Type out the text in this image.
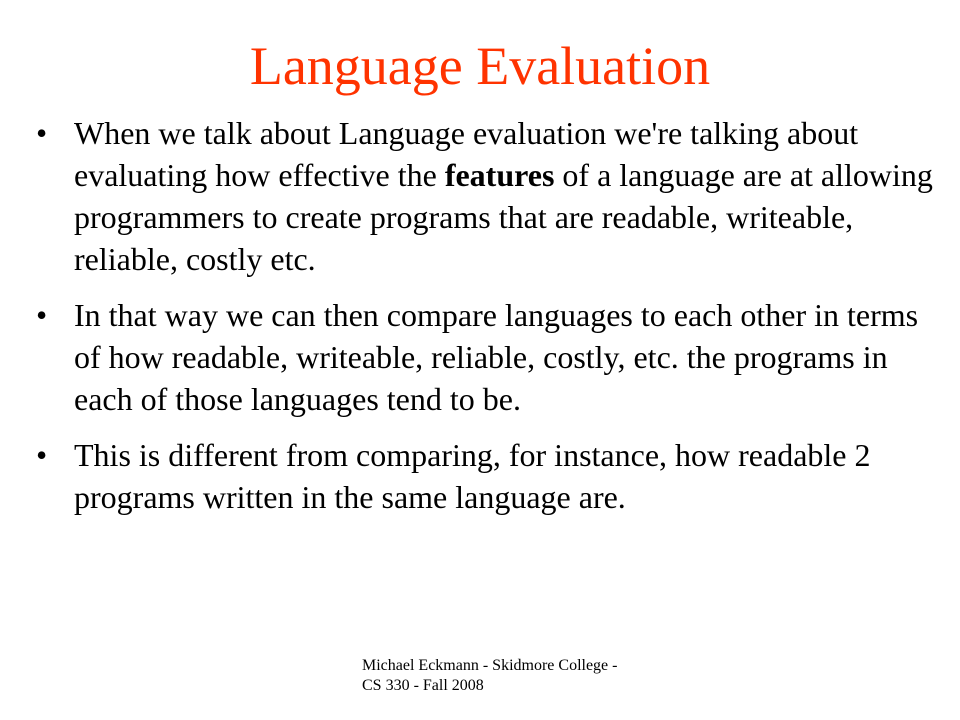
Language Evaluation
• When we talk about Language evaluation we're talking about evaluating how effective the features of a language are at allowing programmers to create programs that are readable, writeable, reliable, costly etc.
• In that way we can then compare languages to each other in terms of how readable, writeable, reliable, costly, etc. the programs in each of those languages tend to be.
• This is different from comparing, for instance, how readable 2 programs written in the same language are.
Michael Eckmann - Skidmore College - CS 330 - Fall 2008
